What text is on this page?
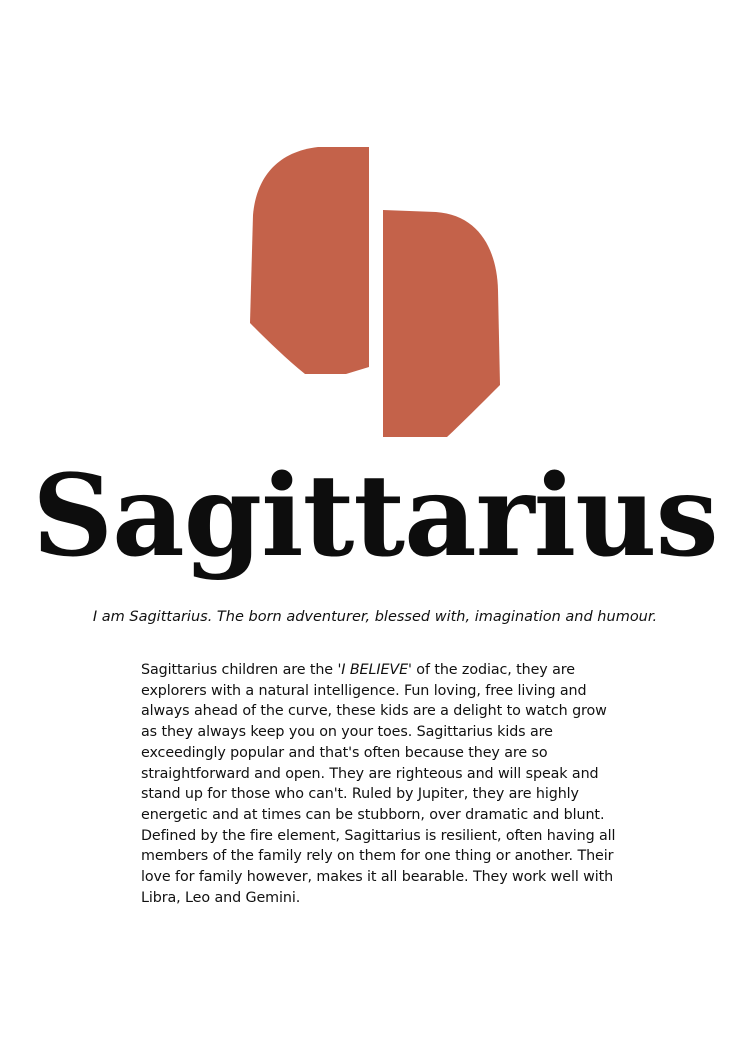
Sagittarius

I am Sagittarius. The born adventurer, blessed with, imagination and humour.

Sagittarius children are the 'I BELIEVE' of the zodiac, they are explorers with a natural intelligence. Fun loving, free living and always ahead of the curve, these kids are a delight to watch grow as they always keep you on your toes. Sagittarius kids are exceedingly popular and that's often because they are so straightforward and open. They are righteous and will speak and stand up for those who can't. Ruled by Jupiter, they are highly energetic and at times can be stubborn, over dramatic and blunt. Defined by the fire element, Sagittarius is resilient, often having all members of the family rely on them for one thing or another. Their love for family however, makes it all bearable. They work well with Libra, Leo and Gemini.
